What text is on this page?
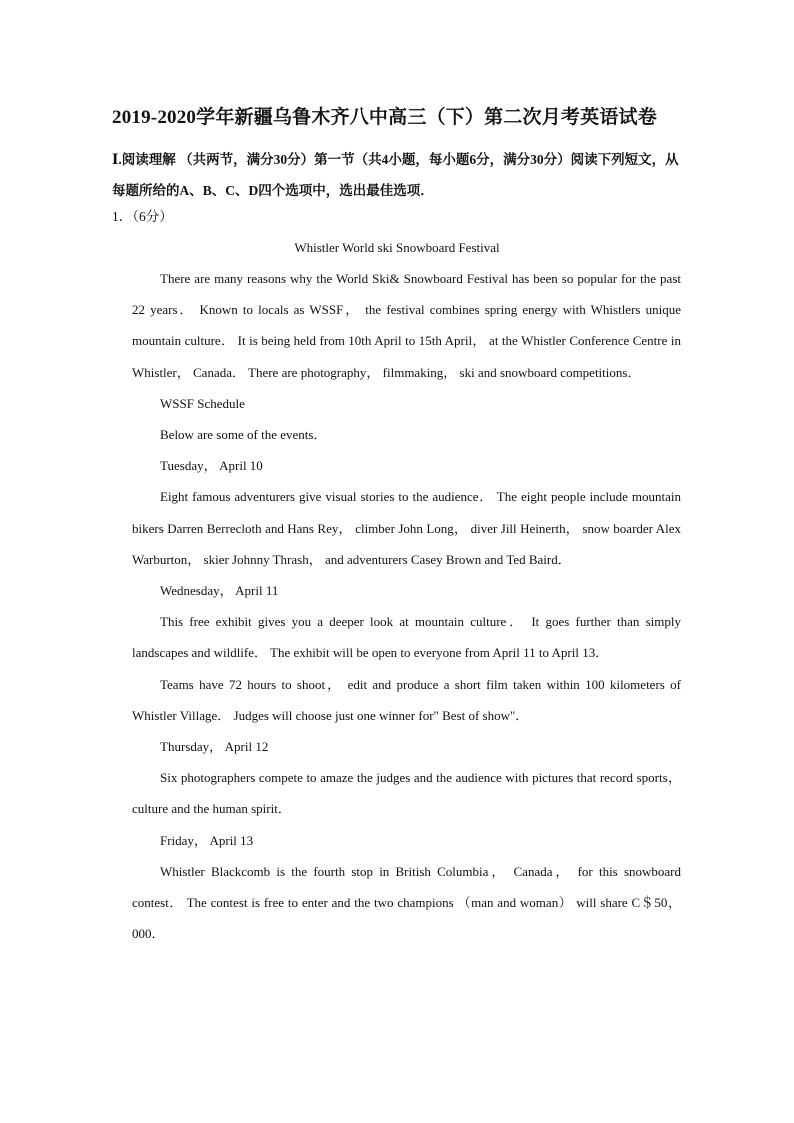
2019-2020学年新疆乌鲁木齐八中高三（下）第二次月考英语试卷
Ⅰ.阅读理解 （共两节，满分30分）第一节（共4小题，每小题6分，满分30分）阅读下列短文，从每题所给的A、B、C、D四个选项中，选出最佳选项．
1．（6分）
Whistler World ski Snowboard Festival

There are many reasons why the World Ski& Snowboard Festival has been so popular for the past 22 years． Known to locals as WSSF， the festival combines spring energy with Whistlers unique mountain culture． It is being held from 10th April to 15th April， at the Whistler Conference Centre in Whistler， Canada． There are photography， filmmaking， ski and snowboard competitions．

WSSF Schedule

Below are some of the events．

Tuesday， April 10

Eight famous adventurers give visual stories to the audience． The eight people include mountain bikers Darren Berrecloth and Hans Rey， climber John Long， diver Jill Heinerth， snow boarder Alex Warburton， skier Johnny Thrash， and adventurers Casey Brown and Ted Baird．

Wednesday， April 11

This free exhibit gives you a deeper look at mountain culture． It goes further than simply landscapes and wildlife． The exhibit will be open to everyone from April 11 to April 13．

Teams have 72 hours to shoot， edit and produce a short film taken within 100 kilometers of Whistler Village． Judges will choose just one winner for" Best of show"．

Thursday， April 12

Six photographers compete to amaze the judges and the audience with pictures that record sports， culture and the human spirit．

Friday， April 13

Whistler Blackcomb is the fourth stop in British Columbia， Canada， for this snowboard contest． The contest is free to enter and the two champions （man and woman） will share C＄50， 000．
